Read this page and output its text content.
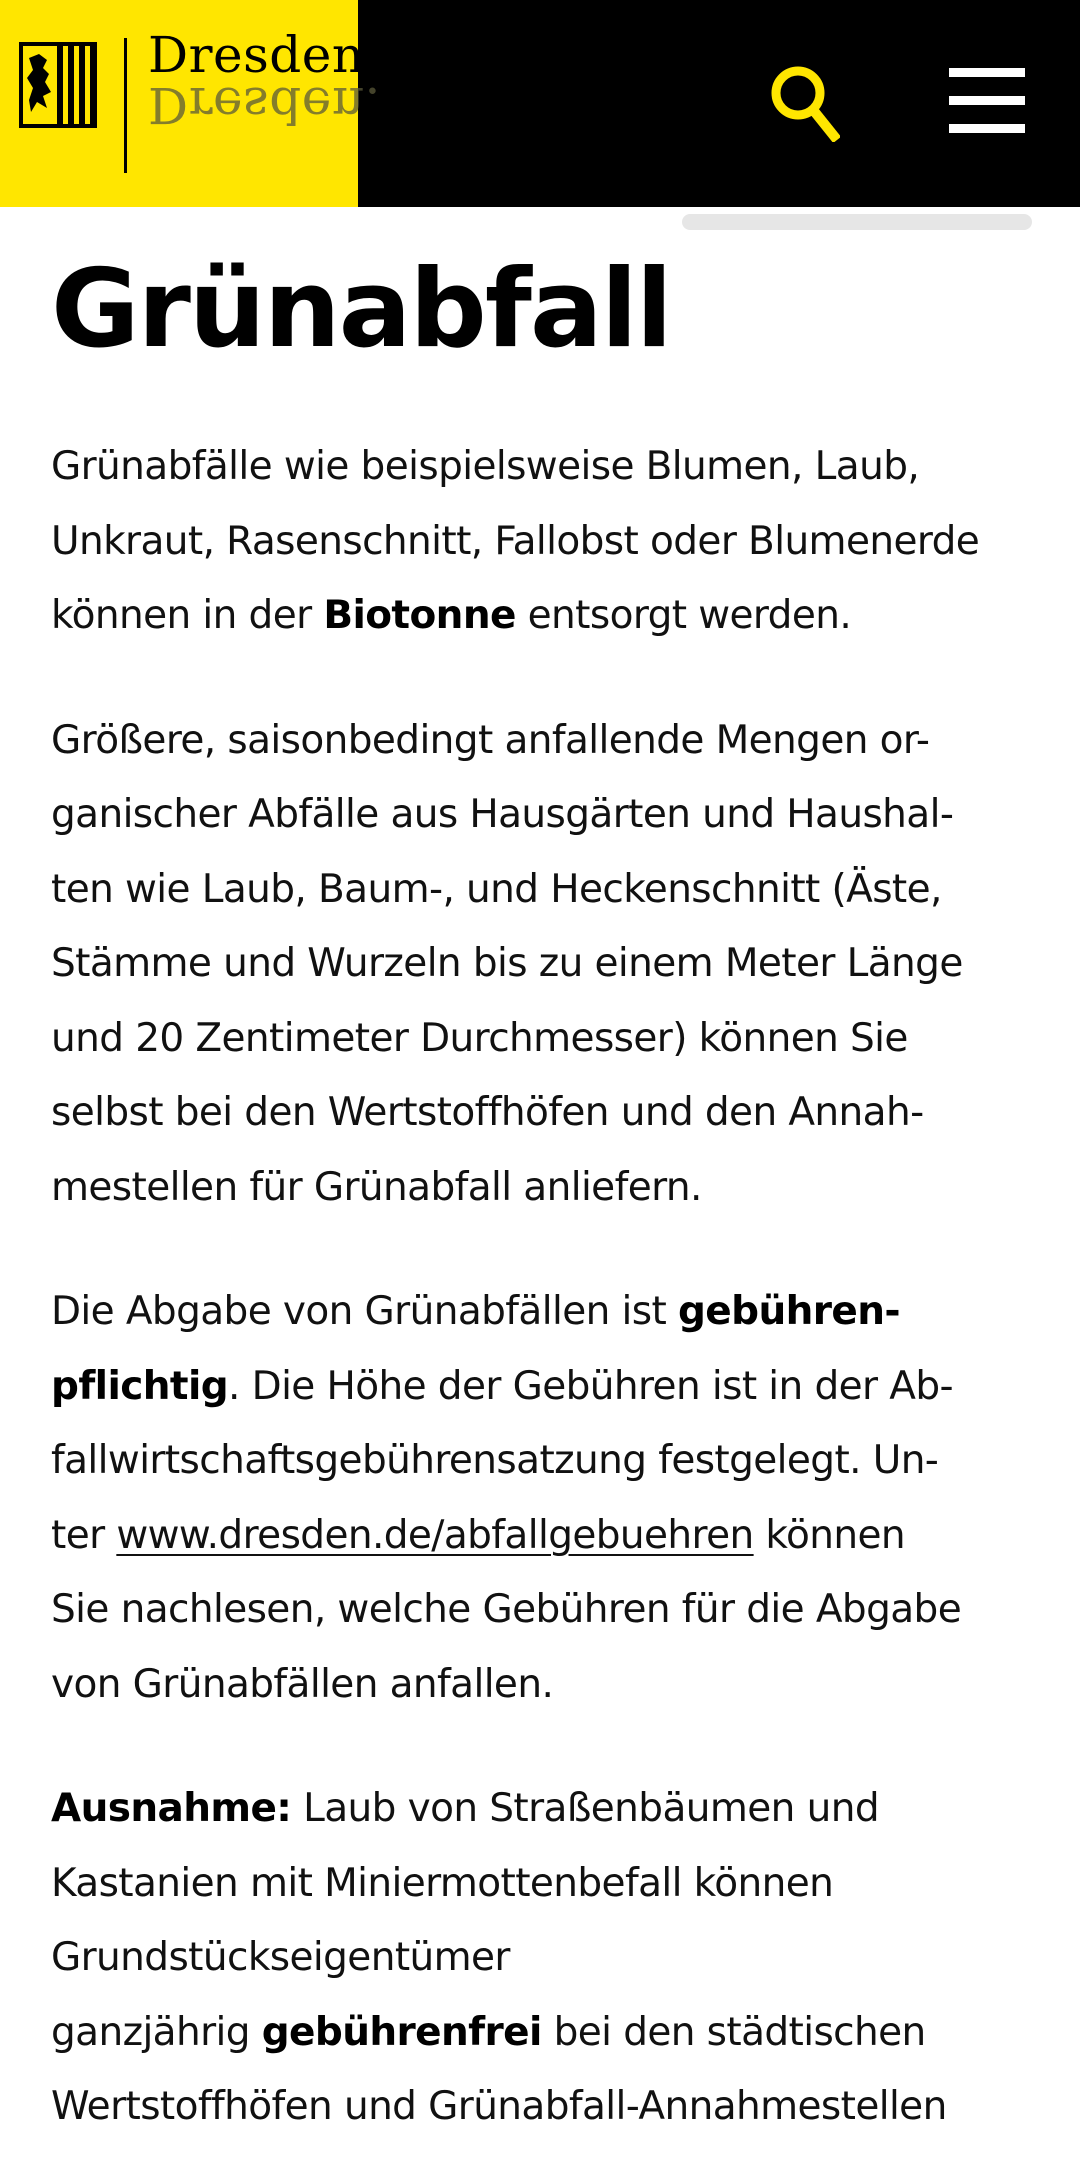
Dresden.
Dresden.
Grünabfall

Grünabfälle wie beispielsweise Blumen, Laub, Unkraut, Rasenschnitt, Fallobst oder Blumenerde können in der Biotonne entsorgt werden.

Größere, saisonbedingt anfallende Mengen or-
ganischer Abfälle aus Hausgärten und Haushal-
ten wie Laub, Baum-, und Heckenschnitt (Äste,
Stämme und Wurzeln bis zu einem Meter Länge
und 20 Zentimeter Durchmesser) können Sie
selbst bei den Wertstoffhöfen und den Annah-
mestellen für Grünabfall anliefern.

Die Abgabe von Grünabfällen ist gebühren-
pflichtig. Die Höhe der Gebühren ist in der Ab-
fallwirtschaftsgebührensatzung festgelegt. Un-
ter www.dresden.de/abfallgebuehren können
Sie nachlesen, welche Gebühren für die Abgabe
von Grünabfällen anfallen.

Ausnahme: Laub von Straßenbäumen und
Kastanien mit Miniermottenbefall können
Grundstückseigentümer
ganzjährig gebührenfrei bei den städtischen
Wertstoffhöfen und Grünabfall-Annahmestellen
